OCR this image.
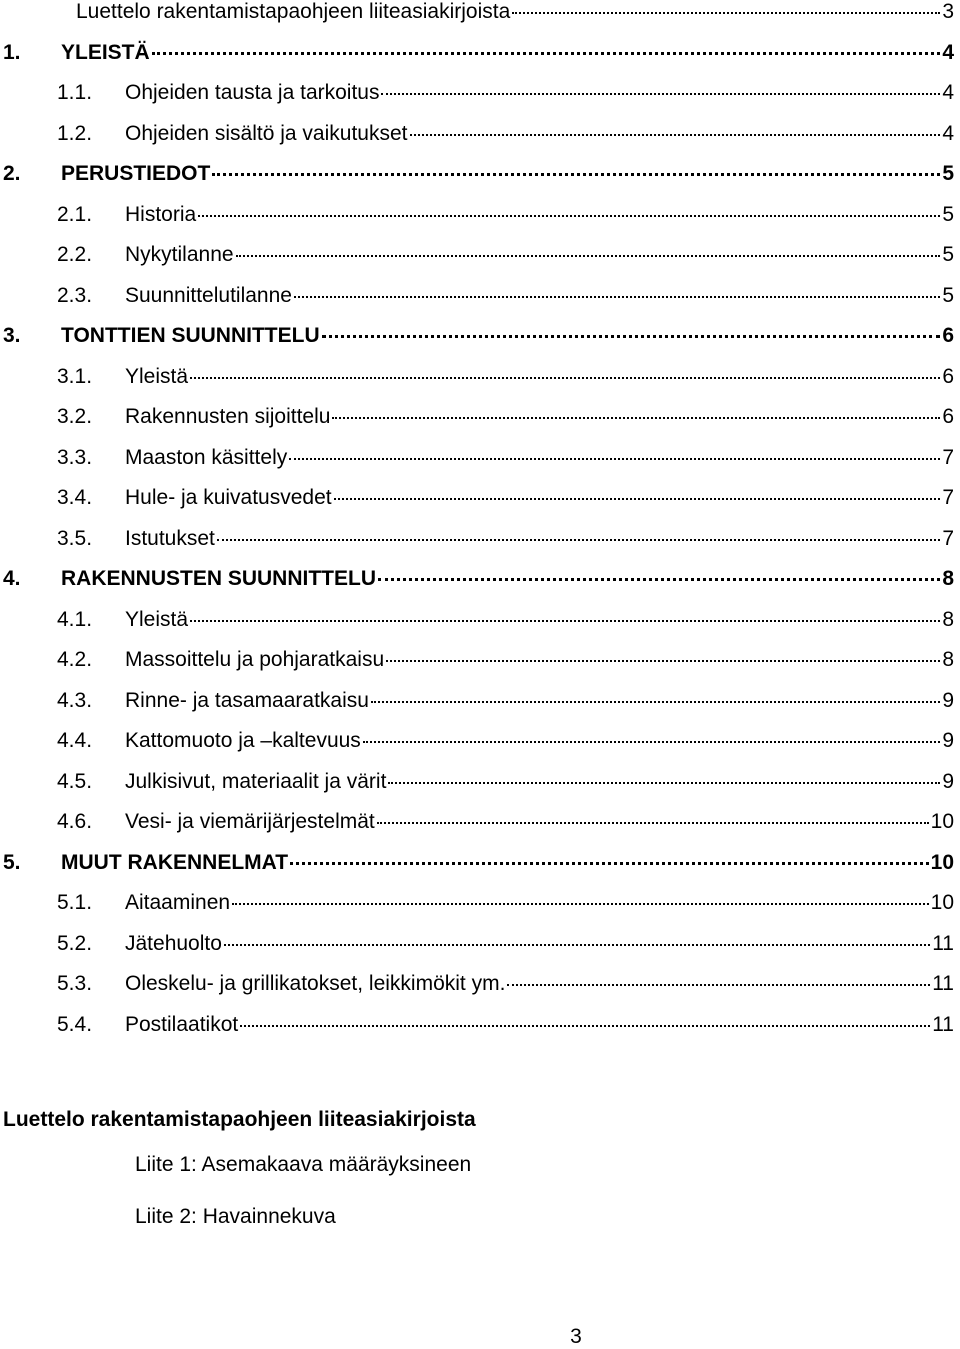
Luettelo rakentamistapaohjeen liiteasiakirjoista	3
1.	YLEISTÄ	4
1.1.	Ohjeiden tausta ja tarkoitus	4
1.2.	Ohjeiden sisältö ja vaikutukset	4
2.	PERUSTIEDOT	5
2.1.	Historia	5
2.2.	Nykytilanne	5
2.3.	Suunnittelutilanne	5
3.	TONTTIEN SUUNNITTELU	6
3.1.	Yleistä	6
3.2.	Rakennusten sijoittelu	6
3.3.	Maaston käsittely	7
3.4.	Hule- ja kuivatusvedet	7
3.5.	Istutukset	7
4.	RAKENNUSTEN SUUNNITTELU	8
4.1.	Yleistä	8
4.2.	Massoittelu ja pohjaratkaisu	8
4.3.	Rinne- ja tasamaaratkaisu	9
4.4.	Kattomuoto ja –kaltevuus	9
4.5.	Julkisivut, materiaalit ja värit	9
4.6.	Vesi- ja viemärijärjestelmät	10
5.	MUUT RAKENNELMAT	10
5.1.	Aitaaminen	10
5.2.	Jätehuolto	11
5.3.	Oleskelu- ja grillikatokset, leikkimökit ym.	11
5.4.	Postilaatikot	11
Luettelo rakentamistapaohjeen liiteasiakirjoista
Liite 1: Asemakaava määräyksineen
Liite 2: Havainnekuva
3
